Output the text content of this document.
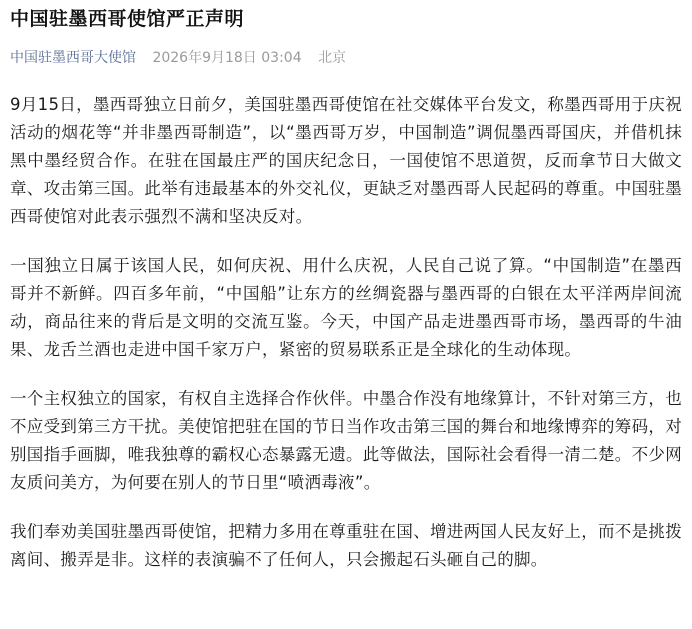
中国驻墨西哥使馆严正声明
中国驻墨西哥大使馆 2026年9月18日 03:04 北京

9月15日，墨西哥独立日前夕，美国驻墨西哥使馆在社交媒体平台发文，称墨西哥用于庆祝活动的烟花等“并非墨西哥制造”，以“墨西哥万岁，中国制造”调侃墨西哥国庆，并借机抹黑中墨经贸合作。在驻在国最庄严的国庆纪念日，一国使馆不思道贺，反而拿节日大做文章、攻击第三国。此举有违最基本的外交礼仪，更缺乏对墨西哥人民起码的尊重。中国驻墨西哥使馆对此表示强烈不满和坚决反对。

一国独立日属于该国人民，如何庆祝、用什么庆祝，人民自己说了算。“中国制造”在墨西哥并不新鲜。四百多年前，“中国船”让东方的丝绸瓷器与墨西哥的白银在太平洋两岸间流动，商品往来的背后是文明的交流互鉴。今天，中国产品走进墨西哥市场，墨西哥的牛油果、龙舌兰酒也走进中国千家万户，紧密的贸易联系正是全球化的生动体现。

一个主权独立的国家，有权自主选择合作伙伴。中墨合作没有地缘算计，不针对第三方，也不应受到第三方干扰。美使馆把驻在国的节日当作攻击第三国的舞台和地缘博弈的筹码，对别国指手画脚，唯我独尊的霸权心态暴露无遗。此等做法，国际社会看得一清二楚。不少网友质问美方，为何要在别人的节日里“喷洒毒液”。

我们奉劝美国驻墨西哥使馆，把精力多用在尊重驻在国、增进两国人民友好上，而不是挑拨离间、搬弄是非。这样的表演骗不了任何人，只会搬起石头砸自己的脚。
